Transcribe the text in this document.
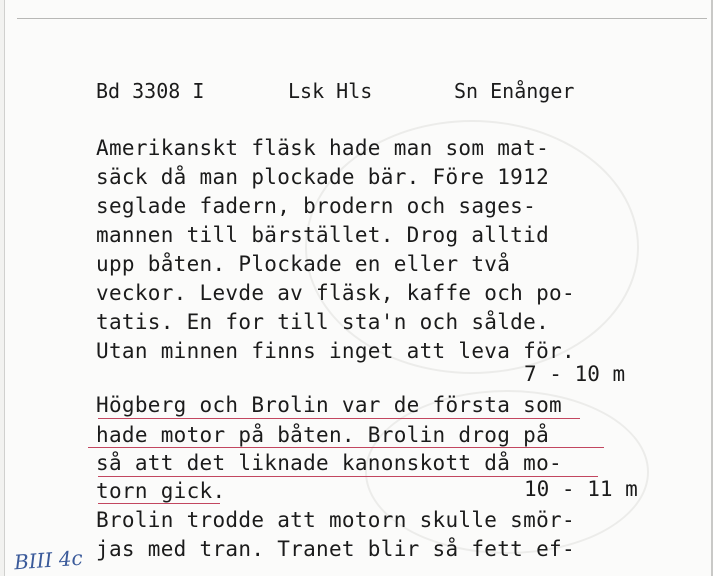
Bd 3308 I	Lsk Hls	Sn Enånger
Amerikanskt fläsk hade man som mat-
säck då man plockade bär. Före 1912
seglade fadern, brodern och sages-
mannen till bärstället. Drog alltid
upp båten. Plockade en eller två
veckor. Levde av fläsk, kaffe och po-
tatis. En for till sta'n och sålde.
Utan minnen finns inget att leva för.
7 - 10 m
Högberg och Brolin var de första som
hade motor på båten. Brolin drog på
så att det liknade kanonskott då mo-
torn gick.	10 - 11 m
Brolin trodde att motorn skulle smör-
jas med tran. Tranet blir så fett ef-
BIII 4c
